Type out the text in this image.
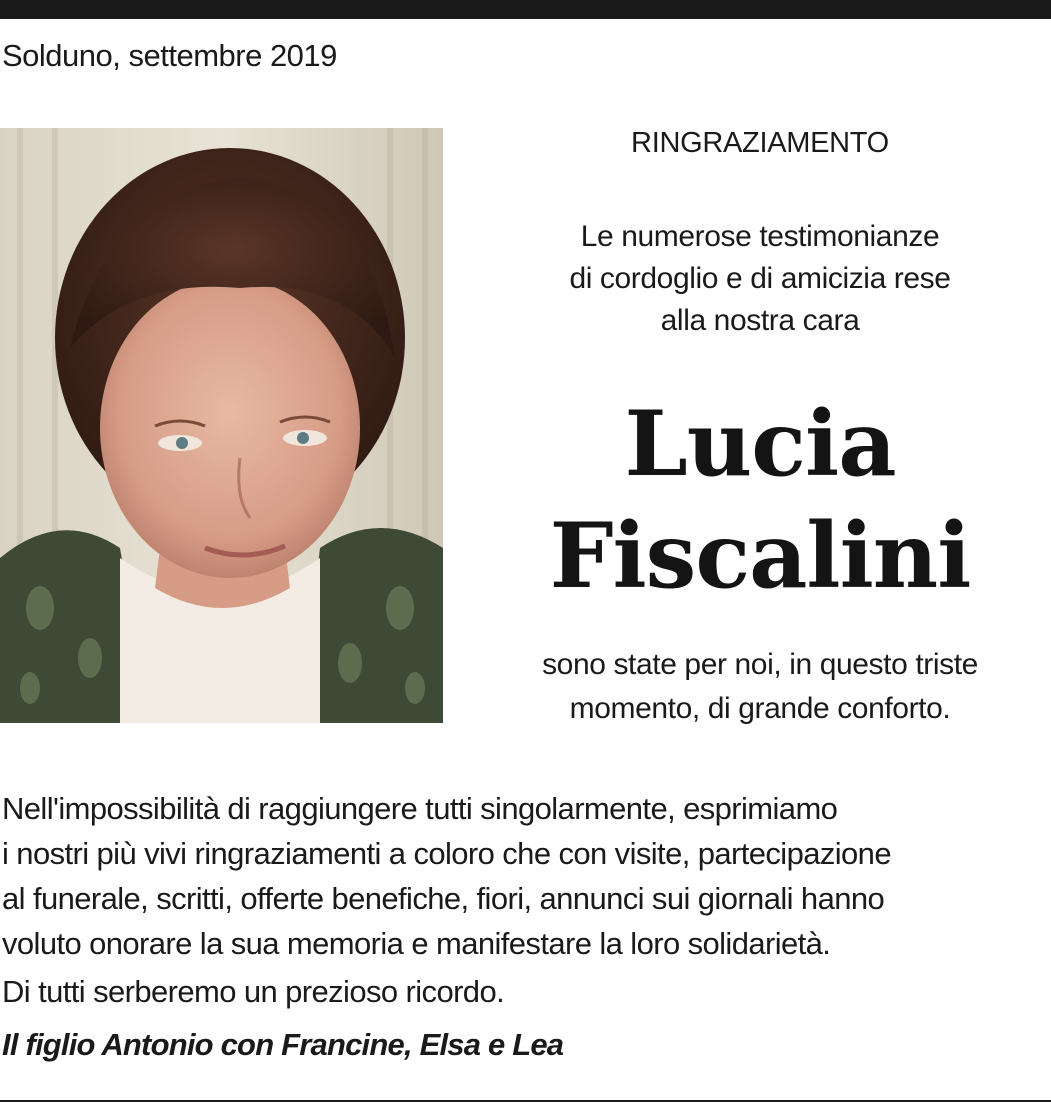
Solduno, settembre 2019
RINGRAZIAMENTO
Le numerose testimonianze
di cordoglio e di amicizia rese
alla nostra cara
Lucia
Fiscalini
sono state per noi, in questo triste
momento, di grande conforto.
Nell'impossibilità di raggiungere tutti singolarmente, esprimiamo
i nostri più vivi ringraziamenti a coloro che con visite, partecipazione
al funerale, scritti, offerte benefiche, fiori, annunci sui giornali hanno
voluto onorare la sua memoria e manifestare la loro solidarietà.
Di tutti serberemo un prezioso ricordo.
Il figlio Antonio con Francine, Elsa e Lea
